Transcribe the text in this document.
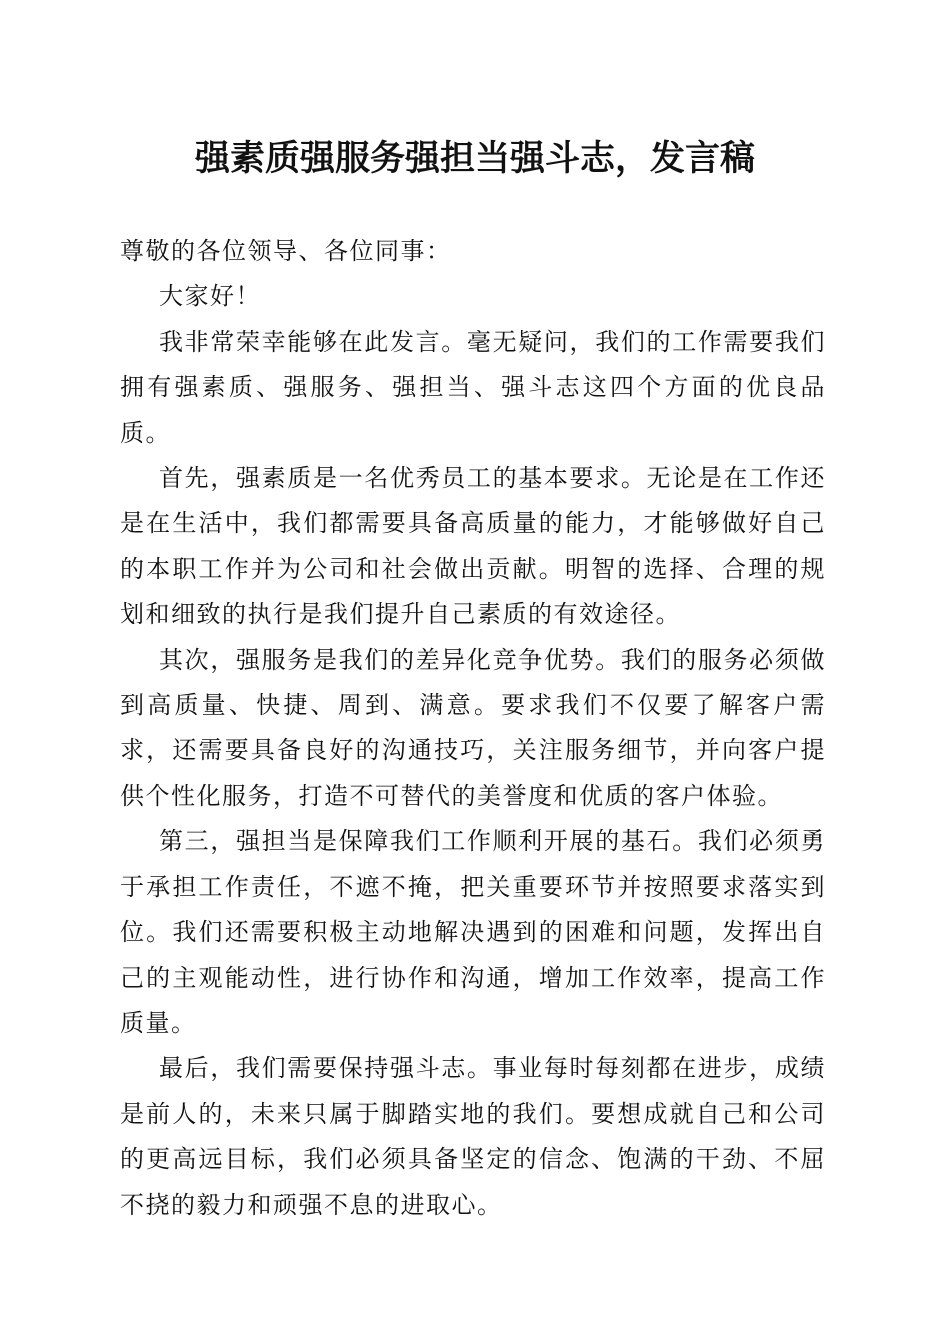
强素质强服务强担当强斗志，发言稿

尊敬的各位领导、各位同事：

大家好！

我非常荣幸能够在此发言。毫无疑问，我们的工作需要我们拥有强素质、强服务、强担当、强斗志这四个方面的优良品质。

首先，强素质是一名优秀员工的基本要求。无论是在工作还是在生活中，我们都需要具备高质量的能力，才能够做好自己的本职工作并为公司和社会做出贡献。明智的选择、合理的规划和细致的执行是我们提升自己素质的有效途径。

其次，强服务是我们的差异化竞争优势。我们的服务必须做到高质量、快捷、周到、满意。要求我们不仅要了解客户需求，还需要具备良好的沟通技巧，关注服务细节，并向客户提供个性化服务，打造不可替代的美誉度和优质的客户体验。

第三，强担当是保障我们工作顺利开展的基石。我们必须勇于承担工作责任，不遮不掩，把关重要环节并按照要求落实到位。我们还需要积极主动地解决遇到的困难和问题，发挥出自己的主观能动性，进行协作和沟通，增加工作效率，提高工作质量。

最后，我们需要保持强斗志。事业每时每刻都在进步，成绩是前人的，未来只属于脚踏实地的我们。要想成就自己和公司的更高远目标，我们必须具备坚定的信念、饱满的干劲、不屈不挠的毅力和顽强不息的进取心。
